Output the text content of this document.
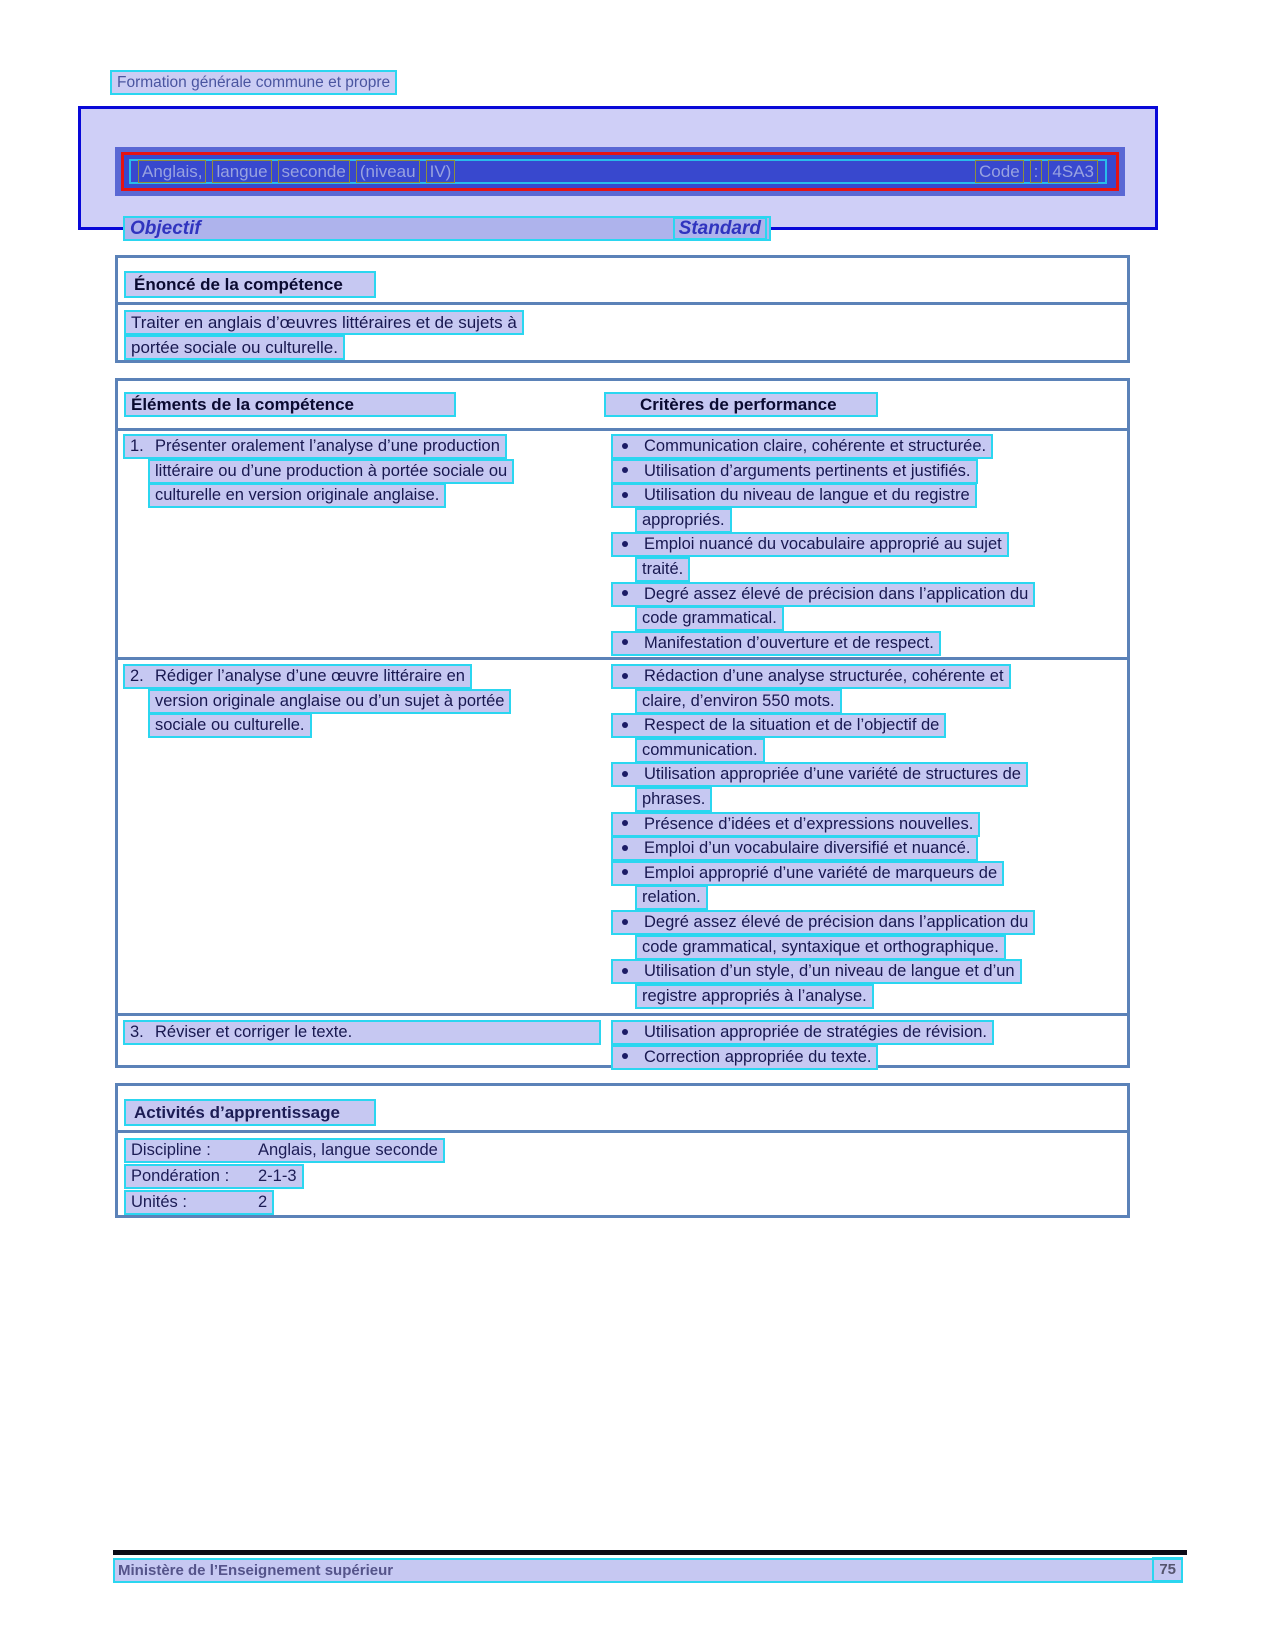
Formation générale commune et propre
Anglais, langue seconde (niveau IV)	Code : 4SA3
Objectif	Standard
Énoncé de la compétence
Traiter en anglais d’œuvres littéraires et de sujets à
portée sociale ou culturelle.
Éléments de la compétence	Critères de performance
1. Présenter oralement l’analyse d’une production
littéraire ou d’une production à portée sociale ou
culturelle en version originale anglaise.
Communication claire, cohérente et structurée.
Utilisation d’arguments pertinents et justifiés.
Utilisation du niveau de langue et du registre
appropriés.
Emploi nuancé du vocabulaire approprié au sujet
traité.
Degré assez élevé de précision dans l’application du
code grammatical.
Manifestation d’ouverture et de respect.
2. Rédiger l’analyse d’une œuvre littéraire en
version originale anglaise ou d’un sujet à portée
sociale ou culturelle.
Rédaction d’une analyse structurée, cohérente et
claire, d’environ 550 mots.
Respect de la situation et de l’objectif de
communication.
Utilisation appropriée d’une variété de structures de
phrases.
Présence d’idées et d’expressions nouvelles.
Emploi d’un vocabulaire diversifié et nuancé.
Emploi approprié d’une variété de marqueurs de
relation.
Degré assez élevé de précision dans l’application du
code grammatical, syntaxique et orthographique.
Utilisation d’un style, d’un niveau de langue et d’un
registre appropriés à l’analyse.
3. Réviser et corriger le texte.	Utilisation appropriée de stratégies de révision.
Correction appropriée du texte.
Activités d’apprentissage
Discipline :	Anglais, langue seconde
Pondération : 2-1-3
Unités :	2
Ministère de l’Enseignement supérieur	75
